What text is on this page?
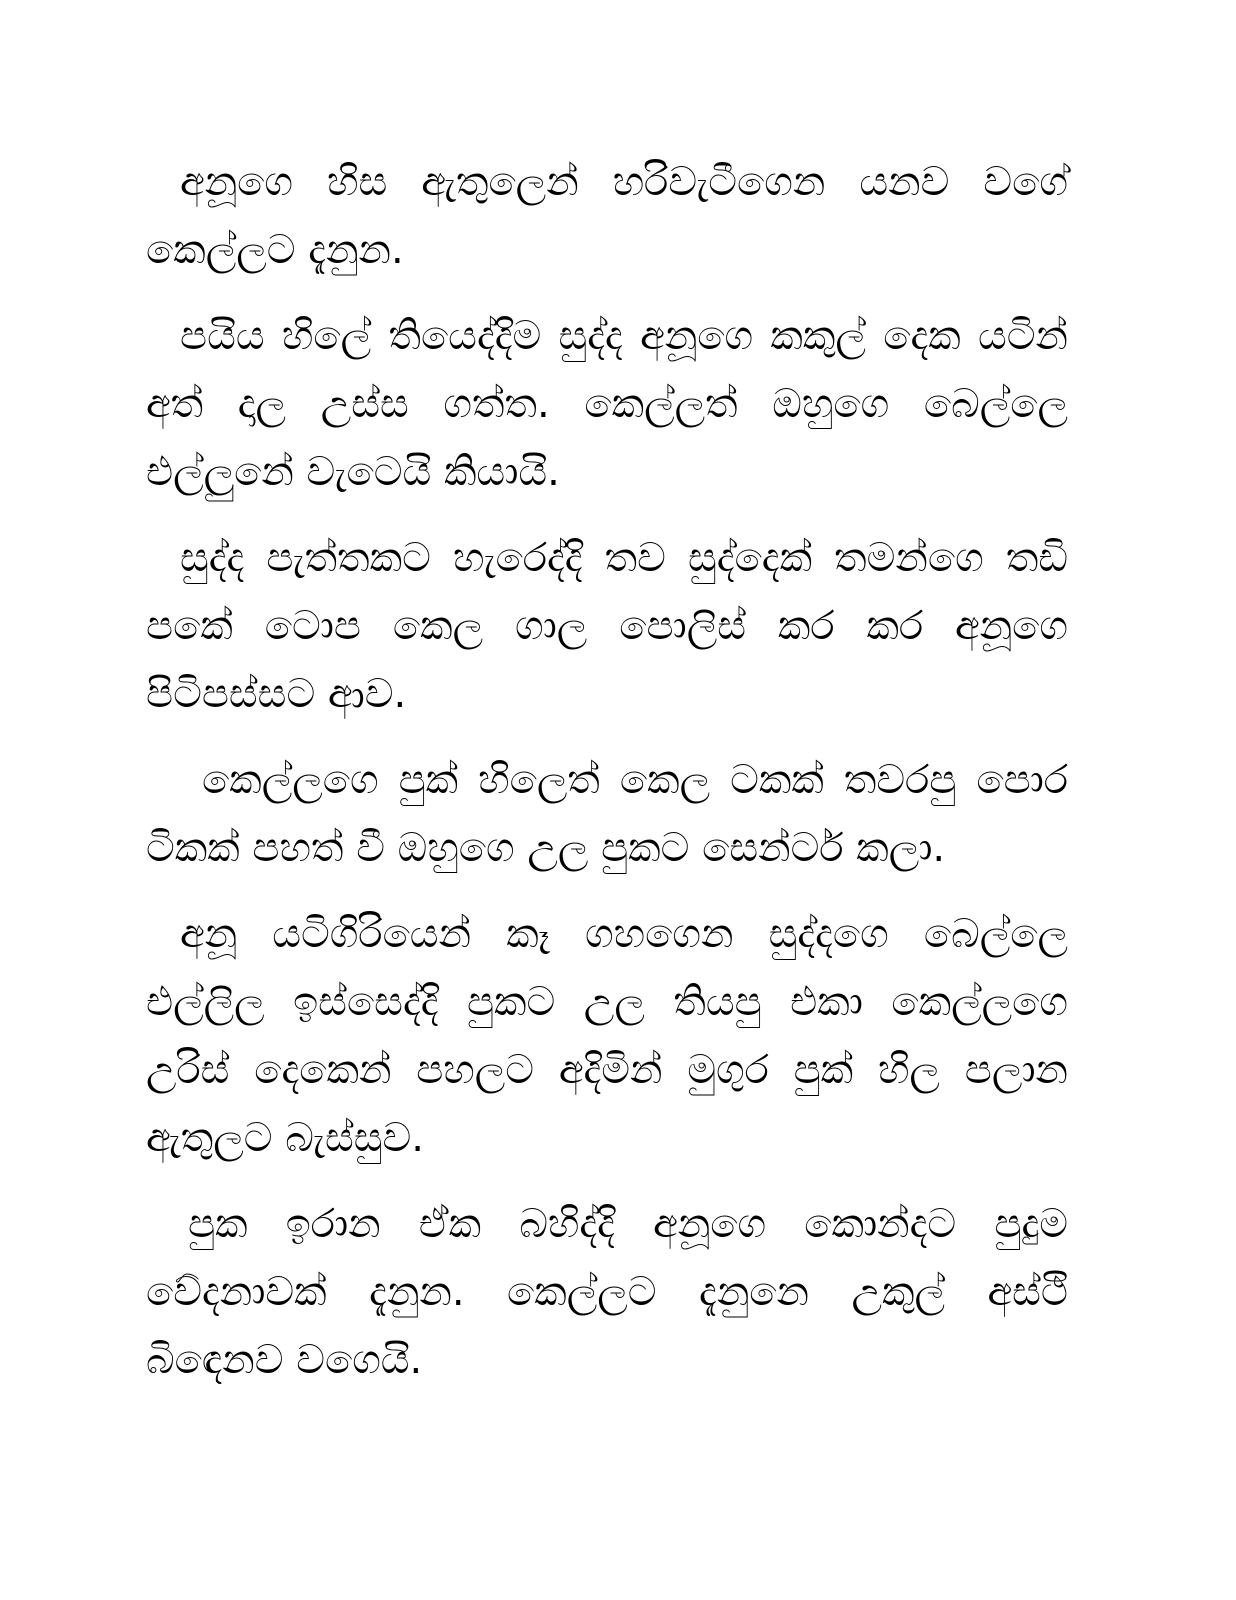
අනූගෙ හිස ඇතුලෙන් හරිවැටීගෙන යනව වගේ කෙල්ලට දැනුන.

පයිය හිලේ තියෙද්දිම සුද්ද අනූගෙ කකුල් දෙක යටින් අත් දාල උස්ස ගත්ත. කෙල්ලත් ඔහුගෙ බෙල්ලෙ එල්ලුනේ වැටෙයි කියායි.

සුද්ද පැත්තකට හැරෙද්දි තව සුද්දෙක් තමන්ගෙ තඩි පකේ ටොප කෙල ගාල පොලිස් කර කර අනූගෙ පිටිපස්සට ආව.

කෙල්ලගෙ පුක් හිලෙත් කෙල ටකක් තවරපු පොර ටිකක් පහත් වී ඔහුගෙ උල පුකට සෙන්ටර් කලා.

අනූ යටිගිරියෙන් කෑ ගහගෙන සුද්දගෙ බෙල්ලෙ එල්ලිල ඉස්සෙද්දි පුකට උල තියපු එකා කෙල්ලගෙ උරිස් දෙකෙන් පහලට අදිමින් මුගුර පුක් හිල පලාන ඇතුලට බැස්සුව.

පුක ඉරාන ඒක බහිද්දි අනූගෙ කොන්දට පුදුම වේදනාවක් දැනුන. කෙල්ලට දැනුනෙ උකුල් අස්ථි බිඳෙනව වගෙයි.
